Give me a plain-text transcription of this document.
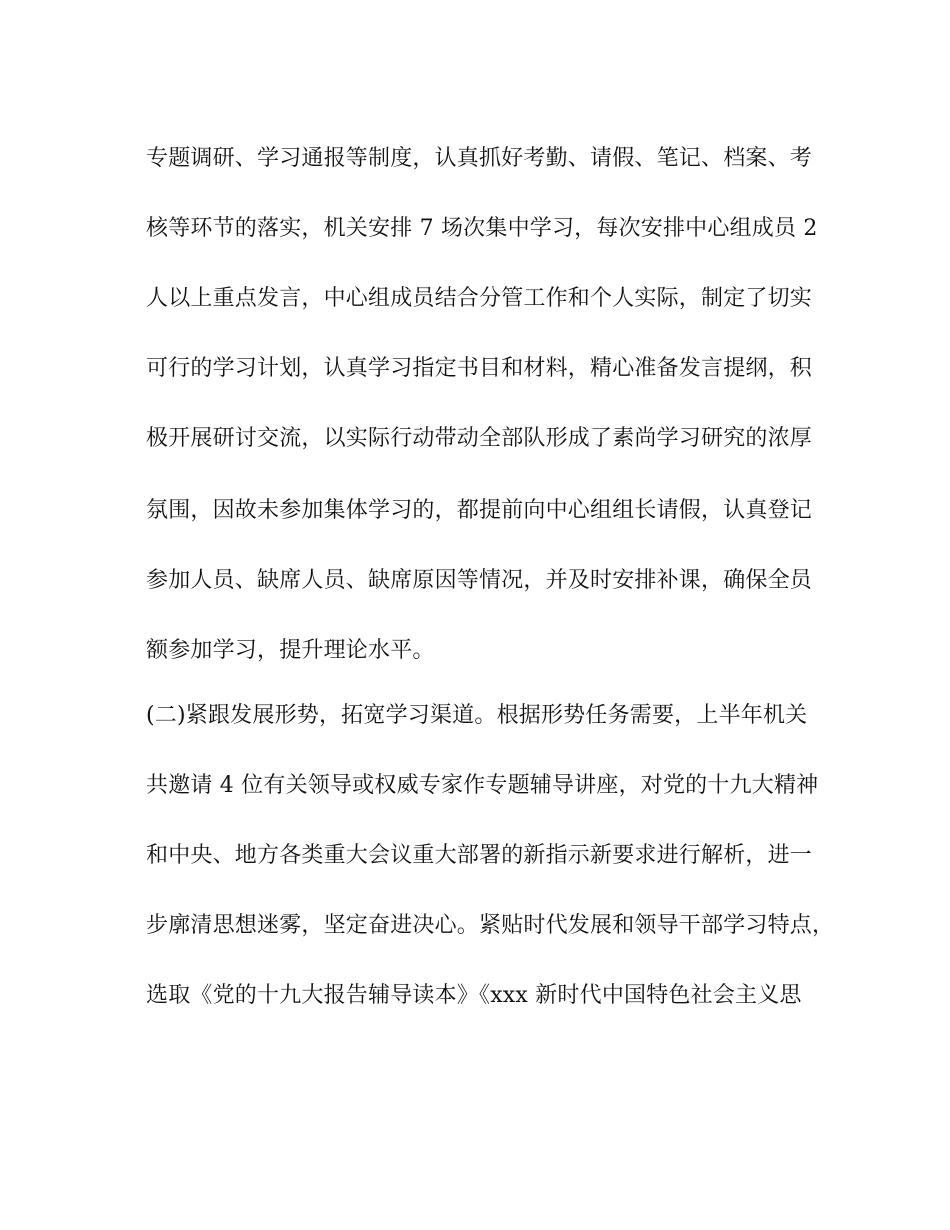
专题调研、学习通报等制度，认真抓好考勤、请假、笔记、档案、考
核等环节的落实，机关安排 7 场次集中学习，每次安排中心组成员 2
人以上重点发言，中心组成员结合分管工作和个人实际，制定了切实
可行的学习计划，认真学习指定书目和材料，精心准备发言提纲，积
极开展研讨交流，以实际行动带动全部队形成了素尚学习研究的浓厚
氛围，因故未参加集体学习的，都提前向中心组组长请假，认真登记
参加人员、缺席人员、缺席原因等情况，并及时安排补课，确保全员
额参加学习，提升理论水平。
(二)紧跟发展形势，拓宽学习渠道。根据形势任务需要，上半年机关
共邀请 4 位有关领导或权威专家作专题辅导讲座，对党的十九大精神
和中央、地方各类重大会议重大部署的新指示新要求进行解析，进一
步廓清思想迷雾，坚定奋进决心。紧贴时代发展和领导干部学习特点，
选取《党的十九大报告辅导读本》《xxx 新时代中国特色社会主义思
